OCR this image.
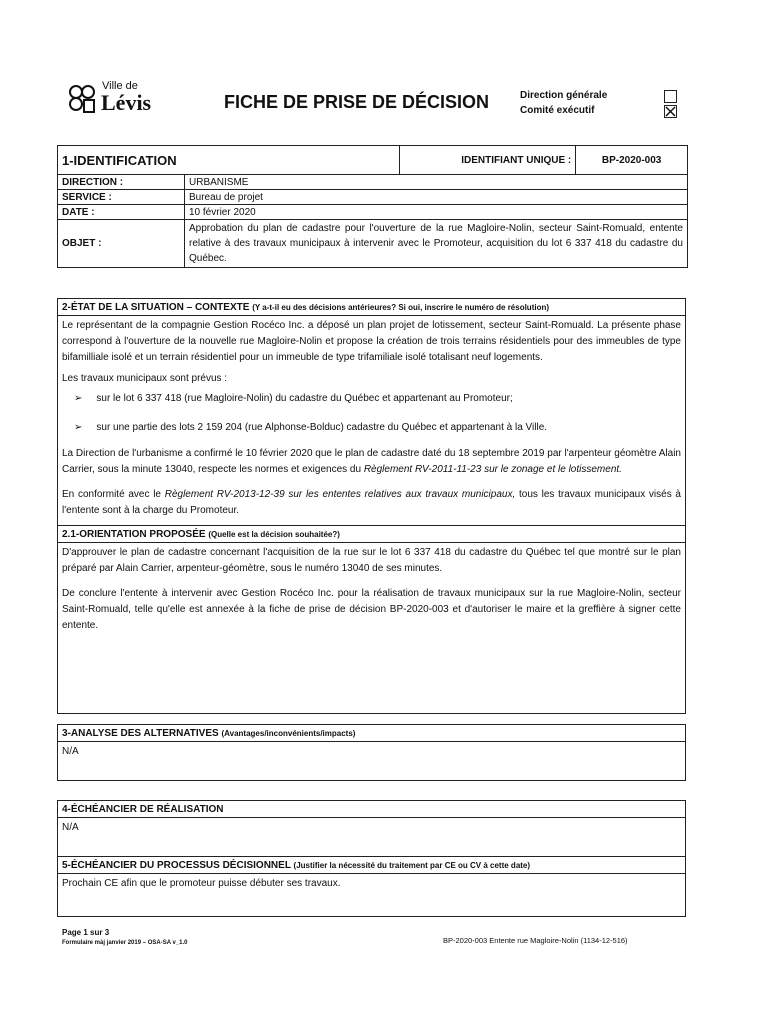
Ville de
Lévis	FICHE DE PRISE DE DÉCISION	Direction générale
Comité exécutif
1-IDENTIFICATION		IDENTIFIANT UNIQUE :	BP-2020-003
DIRECTION :	URBANISME		
SERVICE :	Bureau de projet		
DATE :	10 février 2020		
OBJET :	Approbation du plan de cadastre pour l'ouverture de la rue Magloire-Nolin, secteur Saint-Romuald, entente relative à des travaux municipaux à intervenir avec le Promoteur, acquisition du lot 6 337 418 du cadastre du Québec.		
2-ÉTAT DE LA SITUATION – CONTEXTE (Y a-t-il eu des décisions antérieures? Si oui, inscrire le numéro de résolution)
Le représentant de la compagnie Gestion Rocéco Inc. a déposé un plan projet de lotissement, secteur Saint-Romuald. La présente phase correspond à l'ouverture de la nouvelle rue Magloire-Nolin et propose la création de trois terrains résidentiels pour des immeubles de type bifamilliale isolé et un terrain résidentiel pour un immeuble de type trifamiliale isolé totalisant neuf logements.
Les travaux municipaux sont prévus :
➢ sur le lot 6 337 418 (rue Magloire-Nolin) du cadastre du Québec et appartenant au Promoteur;
➢ sur une partie des lots 2 159 204 (rue Alphonse-Bolduc) cadastre du Québec et appartenant à la Ville.
La Direction de l'urbanisme a confirmé le 10 février 2020 que le plan de cadastre daté du 18 septembre 2019 par l'arpenteur géomètre Alain Carrier, sous la minute 13040, respecte les normes et exigences du Règlement RV-2011-11-23 sur le zonage et le lotissement.
En conformité avec le Règlement RV-2013-12-39 sur les ententes relatives aux travaux municipaux, tous les travaux municipaux visés à l'entente sont à la charge du Promoteur.
2.1-ORIENTATION PROPOSÉE (Quelle est la décision souhaitée?)
D'approuver le plan de cadastre concernant l'acquisition de la rue sur le lot 6 337 418 du cadastre du Québec tel que montré sur le plan préparé par Alain Carrier, arpenteur-géomètre, sous le numéro 13040 de ses minutes.
De conclure l'entente à intervenir avec Gestion Rocéco Inc. pour la réalisation de travaux municipaux sur la rue Magloire-Nolin, secteur Saint-Romuald, telle qu'elle est annexée à la fiche de prise de décision BP-2020-003 et d'autoriser le maire et la greffière à signer cette entente.
3-ANALYSE DES ALTERNATIVES (Avantages/inconvénients/impacts)
N/A
4-ÉCHÉANCIER DE RÉALISATION
N/A
5-ÉCHÉANCIER DU PROCESSUS DÉCISIONNEL (Justifier la nécessité du traitement par CE ou CV à cette date)
Prochain CE afin que le promoteur puisse débuter ses travaux.
Page 1 sur 3
Formulaire màj janvier 2019 – OSA-SA v_1.0	BP-2020-003 Entente rue Magloire-Nolin (1134-12-516)
